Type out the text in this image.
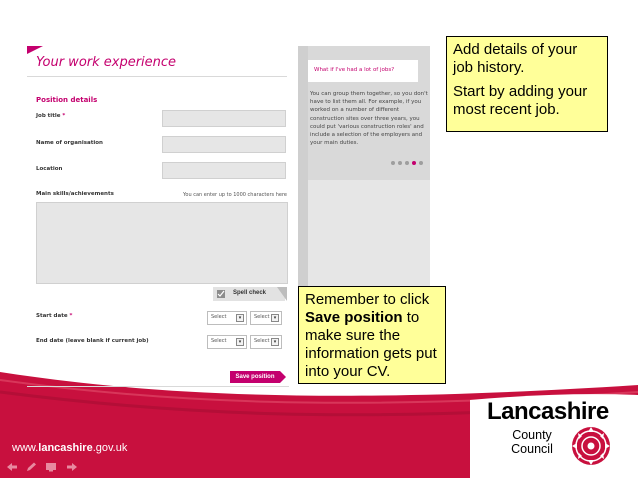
Your work experience
Position details
Job title *
Name of organisation
Location
Main skills/achievements	You can enter up to 1000 characters here
Spell check
Start date *	Select	▾	Select ▾
End date (leave blank if current job)	Select	▾	Select ▾
Save position
What if I've had a lot of jobs?
You can group them together, so you don't have to list them all. For example, if you worked on a number of different construction sites over three years, you could put 'various construction roles' and include a selection of the employers and your main duties.

Add details of your job history.

Start by adding your most recent job.

Remember to click Save position to make sure the information gets put into your CV.
www.lancashire.gov.uk
Lancashire
County
Council
